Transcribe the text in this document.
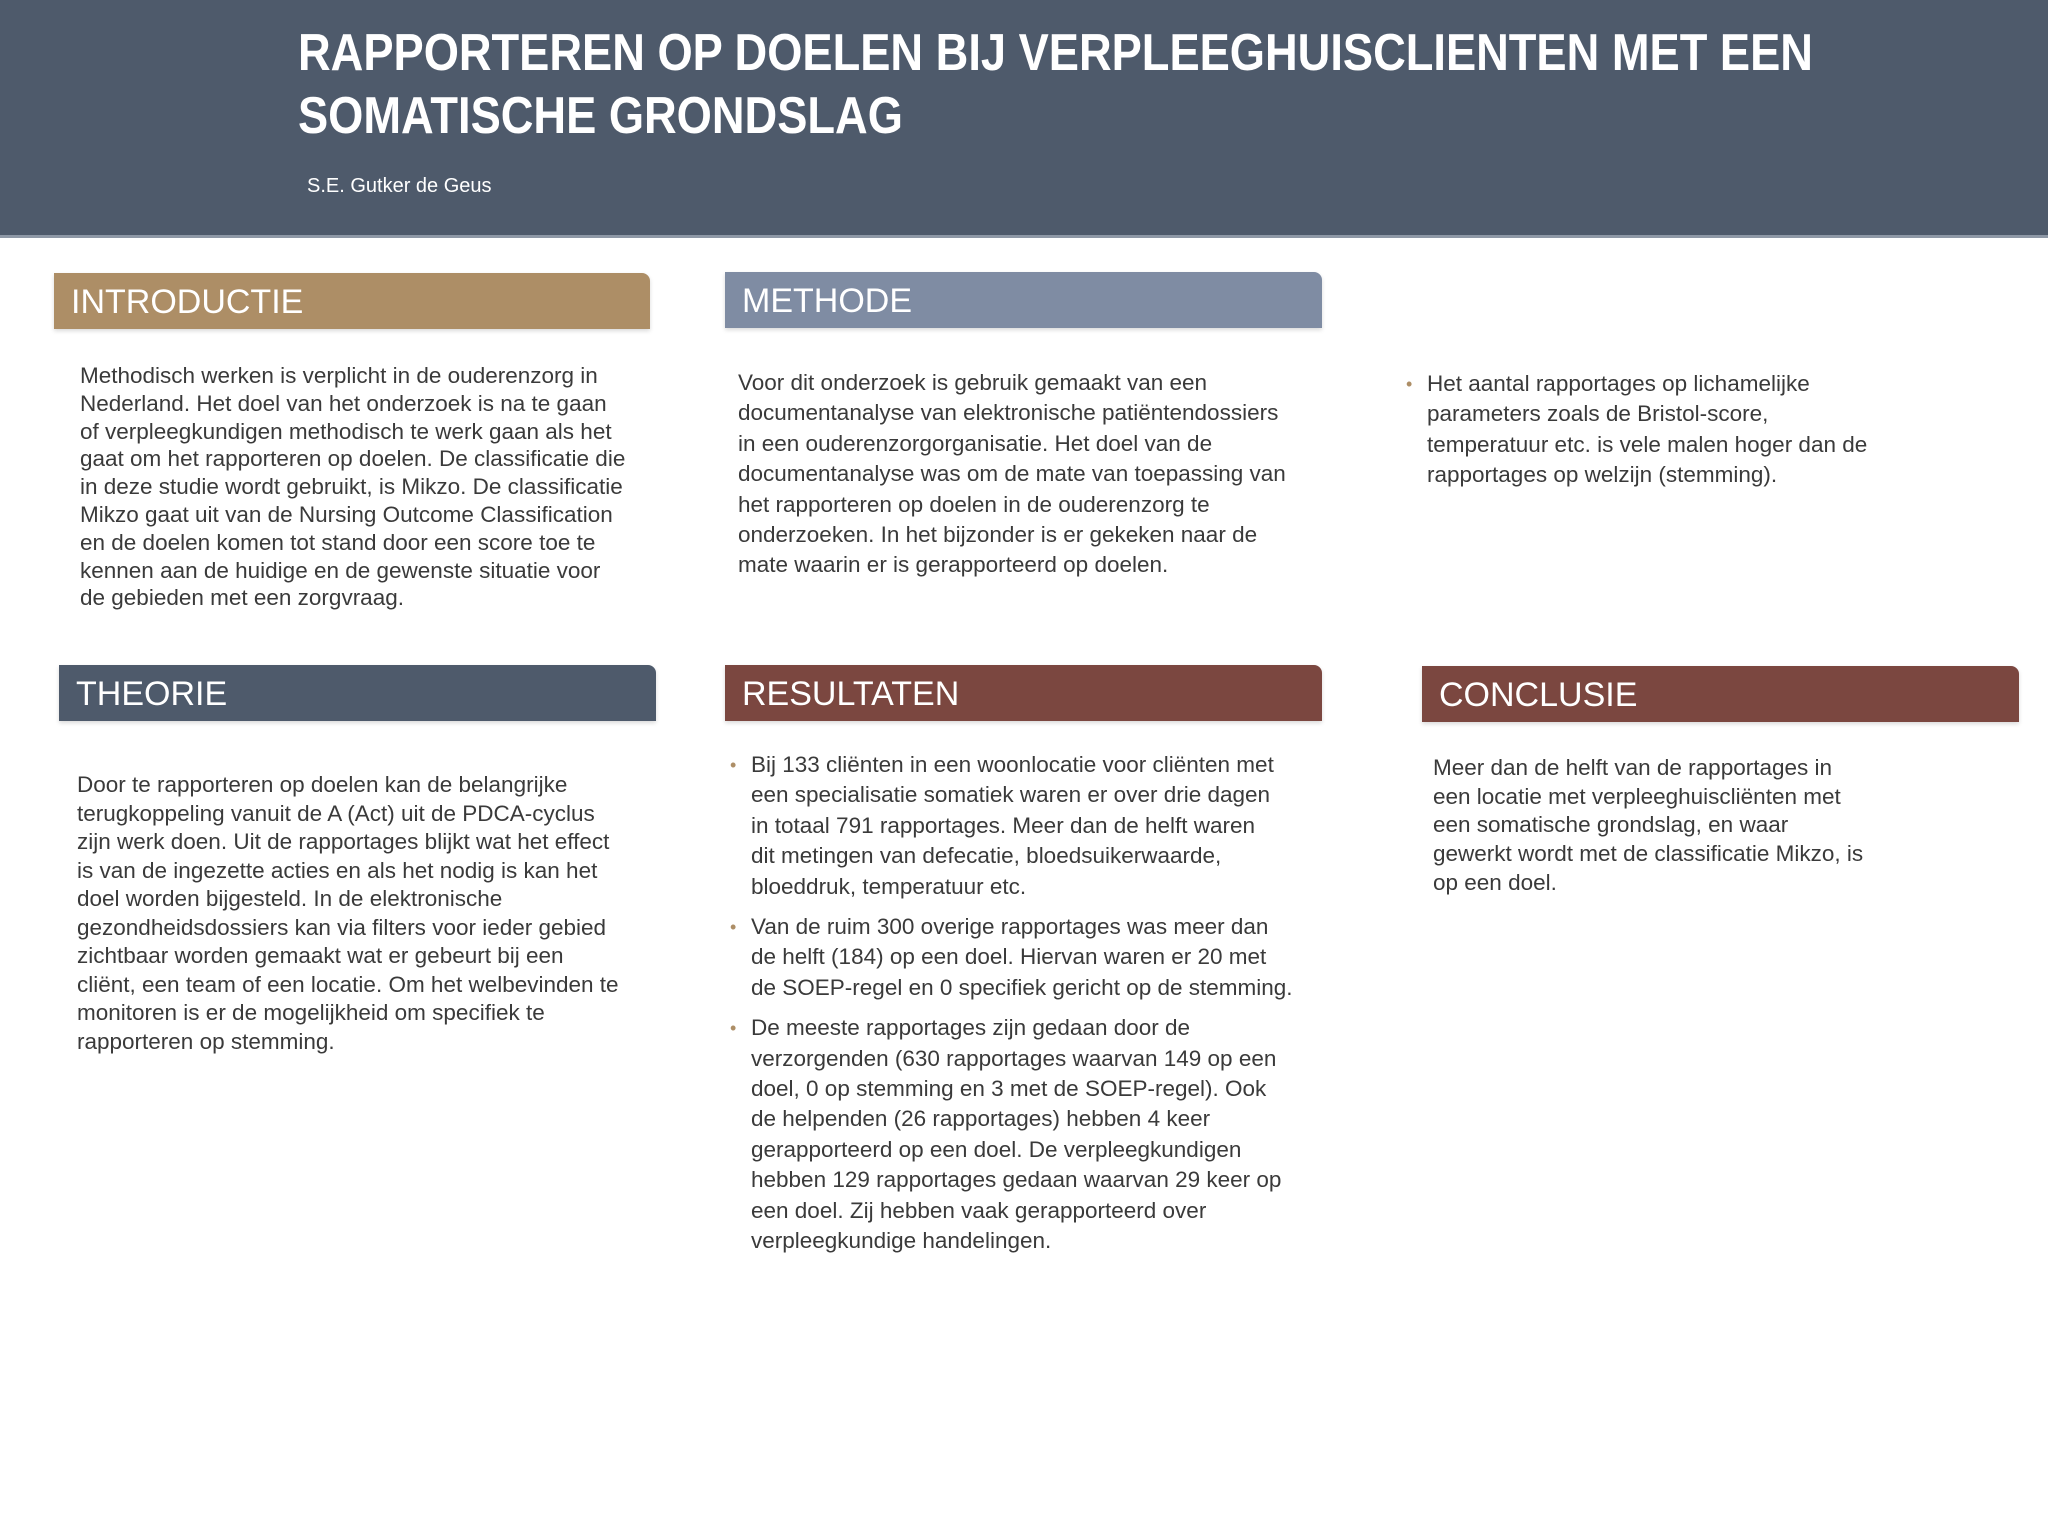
RAPPORTEREN OP DOELEN BIJ VERPLEEGHUISCLIENTEN MET EEN
SOMATISCHE GRONDSLAG
S.E. Gutker de Geus
INTRODUCTIE
Methodisch werken is verplicht in de ouderenzorg in
Nederland. Het doel van het onderzoek is na te gaan
of verpleegkundigen methodisch te werk gaan als het
gaat om het rapporteren op doelen. De classificatie die
in deze studie wordt gebruikt, is Mikzo. De classificatie
Mikzo gaat uit van de Nursing Outcome Classification
en de doelen komen tot stand door een score toe te
kennen aan de huidige en de gewenste situatie voor
de gebieden met een zorgvraag.
METHODE
Voor dit onderzoek is gebruik gemaakt van een
documentanalyse van elektronische patiëntendossiers
in een ouderenzorgorganisatie. Het doel van de
documentanalyse was om de mate van toepassing van
het rapporteren op doelen in de ouderenzorg te
onderzoeken. In het bijzonder is er gekeken naar de
mate waarin er is gerapporteerd op doelen.
• Het aantal rapportages op lichamelijke
parameters zoals de Bristol-score,
temperatuur etc. is vele malen hoger dan de
rapportages op welzijn (stemming).
THEORIE
Door te rapporteren op doelen kan de belangrijke
terugkoppeling vanuit de A (Act) uit de PDCA-cyclus
zijn werk doen. Uit de rapportages blijkt wat het effect
is van de ingezette acties en als het nodig is kan het
doel worden bijgesteld. In de elektronische
gezondheidsdossiers kan via filters voor ieder gebied
zichtbaar worden gemaakt wat er gebeurt bij een
cliënt, een team of een locatie. Om het welbevinden te
monitoren is er de mogelijkheid om specifiek te
rapporteren op stemming.
RESULTATEN
• Bij 133 cliënten in een woonlocatie voor cliënten met
een specialisatie somatiek waren er over drie dagen
in totaal 791 rapportages. Meer dan de helft waren
dit metingen van defecatie, bloedsuikerwaarde,
bloeddruk, temperatuur etc.
• Van de ruim 300 overige rapportages was meer dan
de helft (184) op een doel. Hiervan waren er 20 met
de SOEP-regel en 0 specifiek gericht op de stemming.
• De meeste rapportages zijn gedaan door de
verzorgenden (630 rapportages waarvan 149 op een
doel, 0 op stemming en 3 met de SOEP-regel). Ook
de helpenden (26 rapportages) hebben 4 keer
gerapporteerd op een doel. De verpleegkundigen
hebben 129 rapportages gedaan waarvan 29 keer op
een doel. Zij hebben vaak gerapporteerd over
verpleegkundige handelingen.
CONCLUSIE
Meer dan de helft van de rapportages in
een locatie met verpleeghuiscliënten met
een somatische grondslag, en waar
gewerkt wordt met de classificatie Mikzo, is
op een doel.
